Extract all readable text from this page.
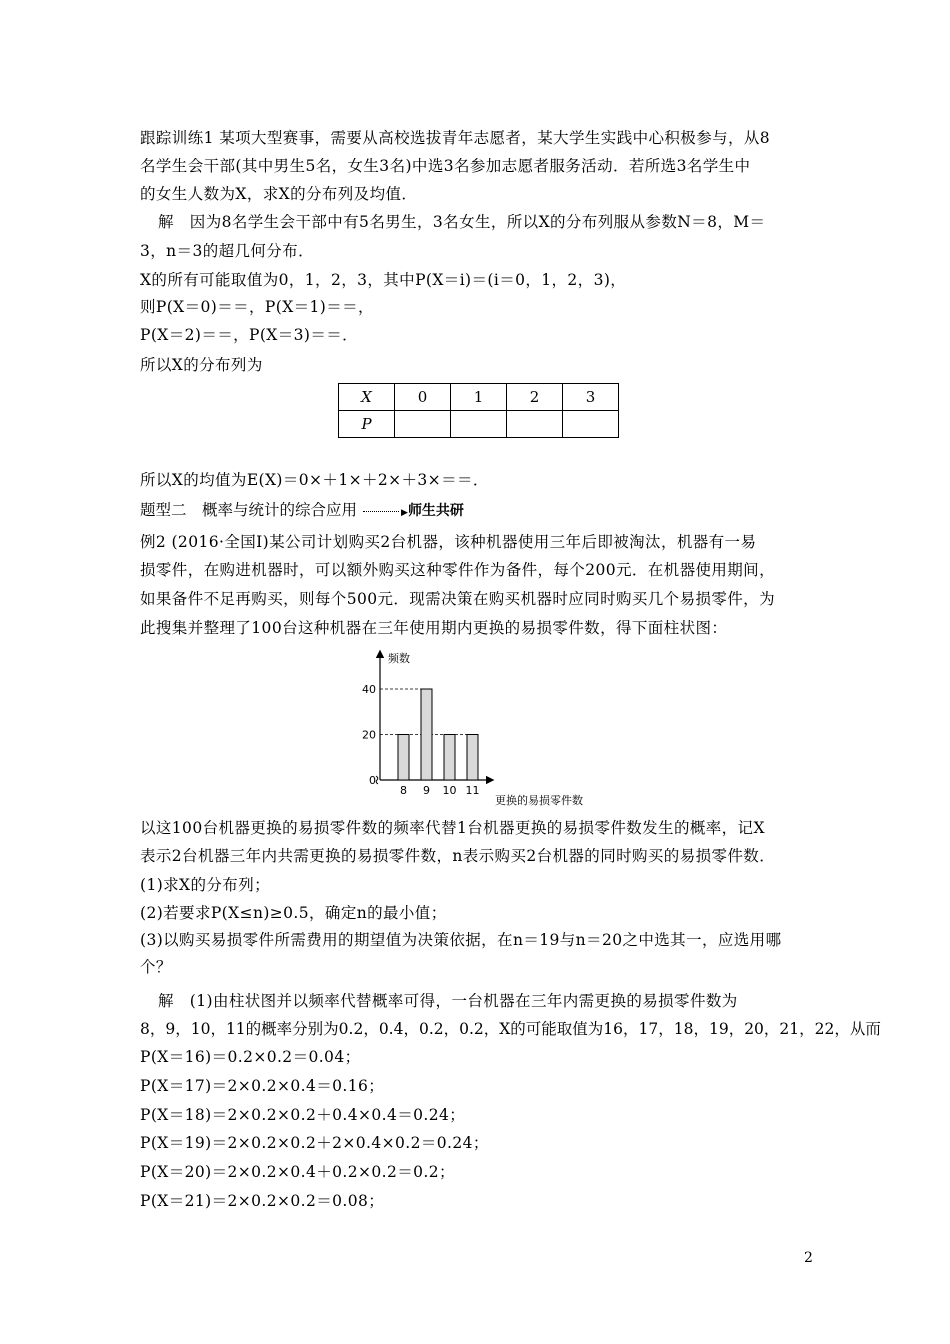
跟踪训练1 某项大型赛事，需要从高校选拔青年志愿者，某大学生实践中心积极参与，从8
名学生会干部(其中男生5名，女生3名)中选3名参加志愿者服务活动．若所选3名学生中
的女生人数为X，求X的分布列及均值．
解　因为8名学生会干部中有5名男生，3名女生，所以X的分布列服从参数N＝8，M＝
3，n＝3的超几何分布．
X的所有可能取值为0，1，2，3，其中P(X＝i)＝(i＝0，1，2，3)，
则P(X＝0)＝＝，P(X＝1)＝＝，
P(X＝2)＝＝，P(X＝3)＝＝．
所以X的分布列为
X	0	1	2	3
P				
所以X的均值为E(X)＝0×＋1×＋2×＋3×＝＝．
题型二　概率与统计的综合应用	▶师生共研
例2 (2016·全国Ⅰ)某公司计划购买2台机器，该种机器使用三年后即被淘汰，机器有一易
损零件，在购进机器时，可以额外购买这种零件作为备件，每个200元．在机器使用期间，
如果备件不足再购买，则每个500元．现需决策在购买机器时应同时购买几个易损零件，为
此搜集并整理了100台这种机器在三年使用期内更换的易损零件数，得下面柱状图：
8 9 10 11
0
20
40
频数
更换的易损零件数
以这100台机器更换的易损零件数的频率代替1台机器更换的易损零件数发生的概率，记X
表示2台机器三年内共需更换的易损零件数，n表示购买2台机器的同时购买的易损零件数．
(1)求X的分布列；
(2)若要求P(X≤n)≥0.5，确定n的最小值；
(3)以购买易损零件所需费用的期望值为决策依据，在n＝19与n＝20之中选其一，应选用哪
个？
解　(1)由柱状图并以频率代替概率可得，一台机器在三年内需更换的易损零件数为
8，9，10，11的概率分别为0.2，0.4，0.2，0.2，X的可能取值为16，17，18，19，20，21，22，从而
P(X＝16)＝0.2×0.2＝0.04；
P(X＝17)＝2×0.2×0.4＝0.16；
P(X＝18)＝2×0.2×0.2＋0.4×0.4＝0.24；
P(X＝19)＝2×0.2×0.2＋2×0.4×0.2＝0.24；
P(X＝20)＝2×0.2×0.4＋0.2×0.2＝0.2；
P(X＝21)＝2×0.2×0.2＝0.08；
2
